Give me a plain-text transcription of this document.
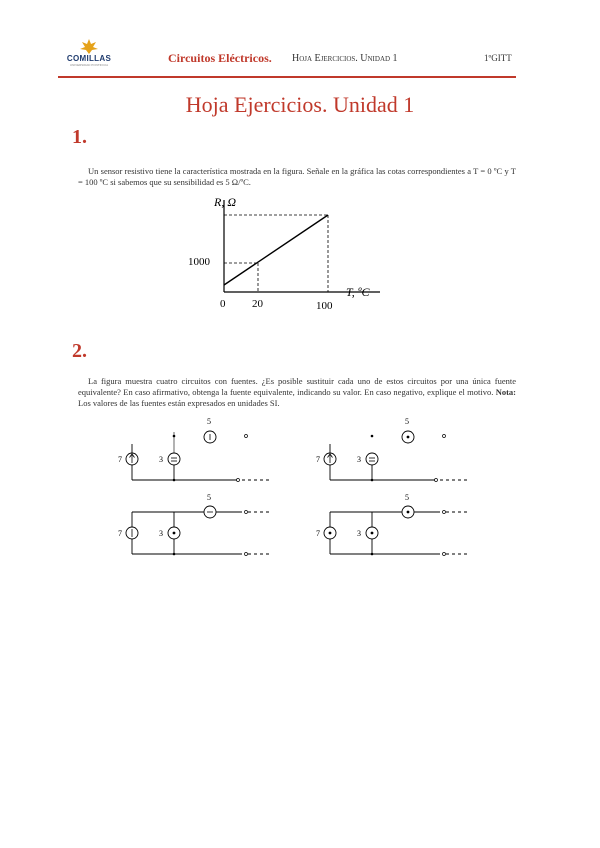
COMILLAS
UNIVERSIDAD PONTIFICIA	Circuitos Eléctricos. Hoja Ejercicios. Unidad 1	1ºGITT
Hoja Ejercicios. Unidad 1
1.
Un sensor resistivo tiene la característica mostrada en la figura. Señale en la gráfica las cotas correspondientes a T = 0 ºC y T = 100 ºC si sabemos que su sensibilidad es 5 Ω/ºC.
R, Ω
1000
T, ºC
0 20	100
2.
La figura muestra cuatro circuitos con fuentes. ¿Es posible sustituir cada uno de estos circuitos por una única fuente equivalente? En caso afirmativo, obtenga la fuente equivalente, indicando su valor. En caso negativo, explique el motivo. Nota: Los valores de las fuentes están expresados en unidades SI.
7	3
5
7	3
5
7	3
5
7	3
5
